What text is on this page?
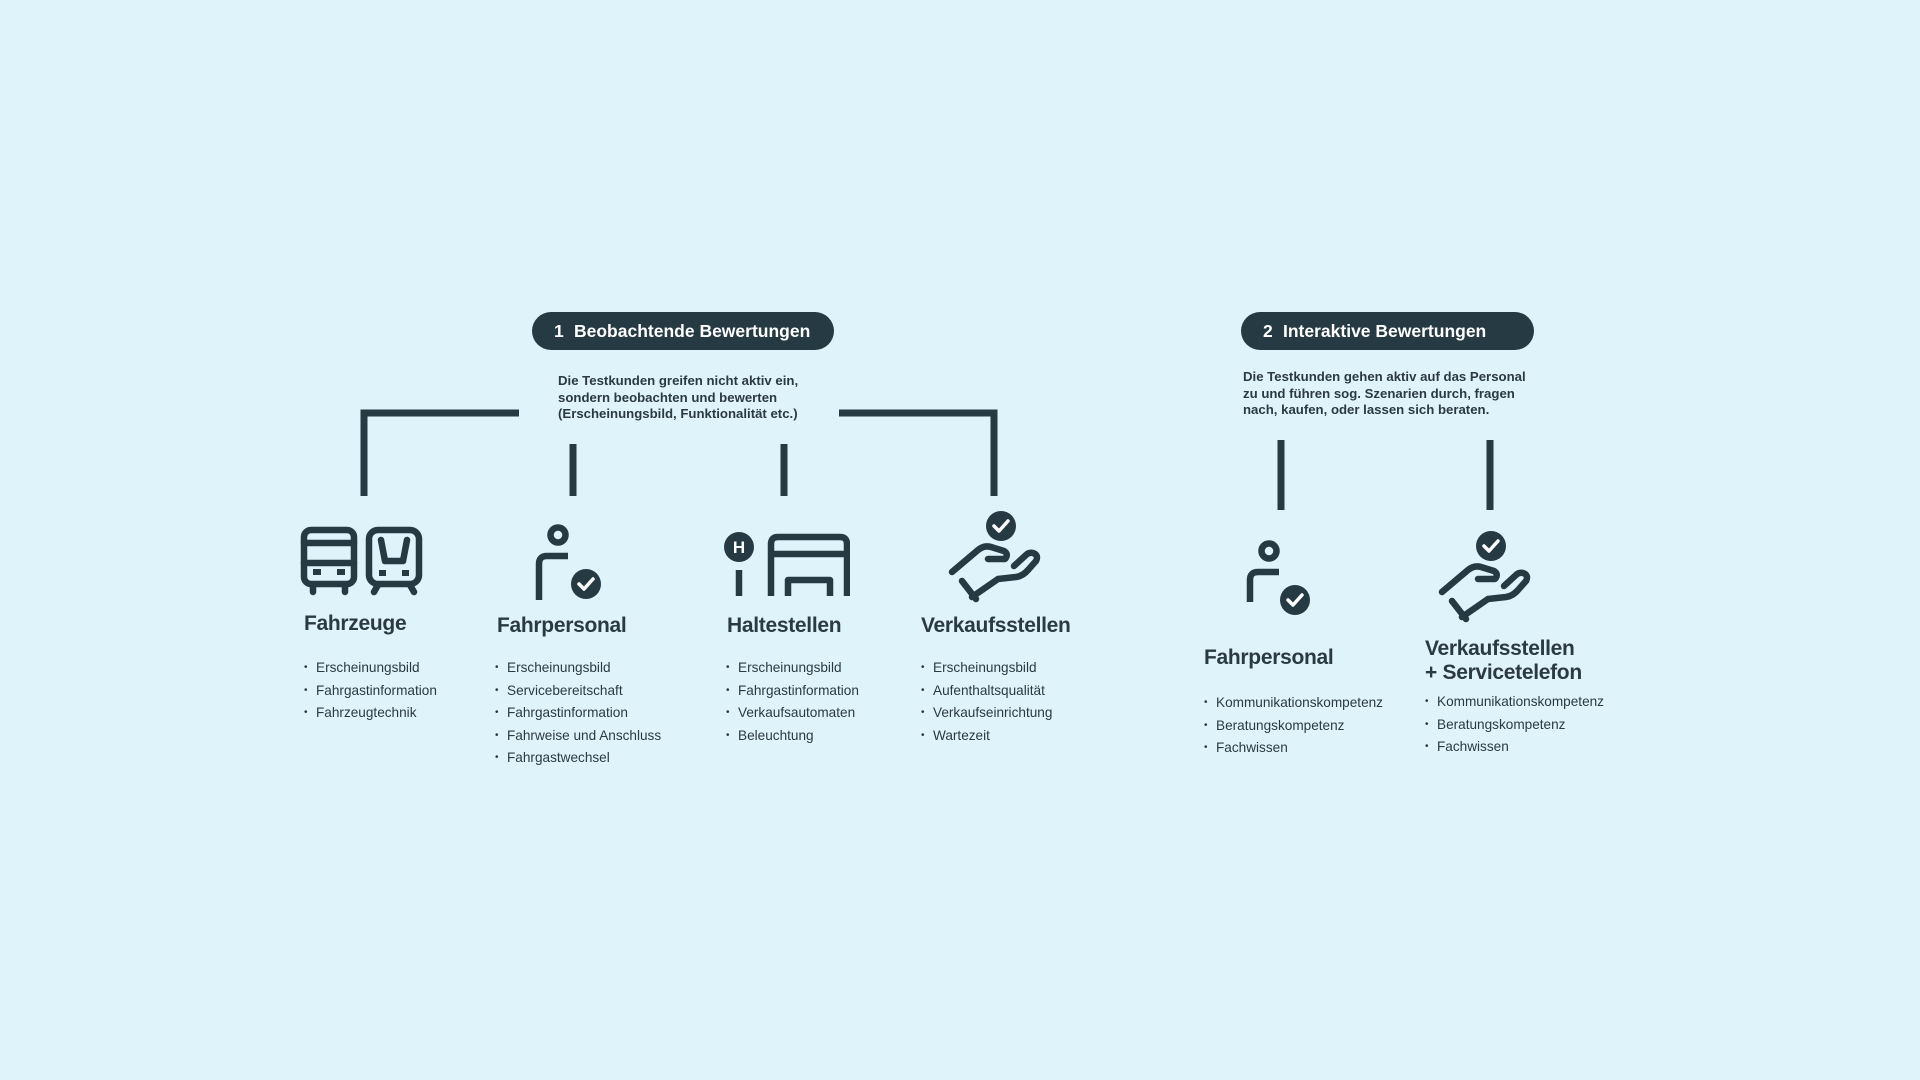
1 Beobachtende Bewertungen
Die Testkunden greifen nicht aktiv ein,
sondern beobachten und bewerten
(Erscheinungsbild, Funktionalität etc.)
2 Interaktive Bewertungen
Die Testkunden gehen aktiv auf das Personal
zu und führen sog. Szenarien durch, fragen
nach, kaufen, oder lassen sich beraten.
H
Fahrzeuge	Fahrpersonal	Haltestellen	Verkaufsstellen
Fahrpersonal	Verkaufsstellen
+ Servicetelefon
• Erscheinungsbild
• Fahrgastinformation
• Fahrzeugtechnik
• Erscheinungsbild
• Servicebereitschaft
• Fahrgastinformation
• Fahrweise und Anschluss
• Fahrgastwechsel
• Erscheinungsbild
• Fahrgastinformation
• Verkaufsautomaten
• Beleuchtung
• Erscheinungsbild
• Aufenthaltsqualität
• Verkaufseinrichtung
• Wartezeit
• Kommunikationskompetenz
• Beratungskompetenz
• Fachwissen
• Kommunikationskompetenz
• Beratungskompetenz
• Fachwissen
